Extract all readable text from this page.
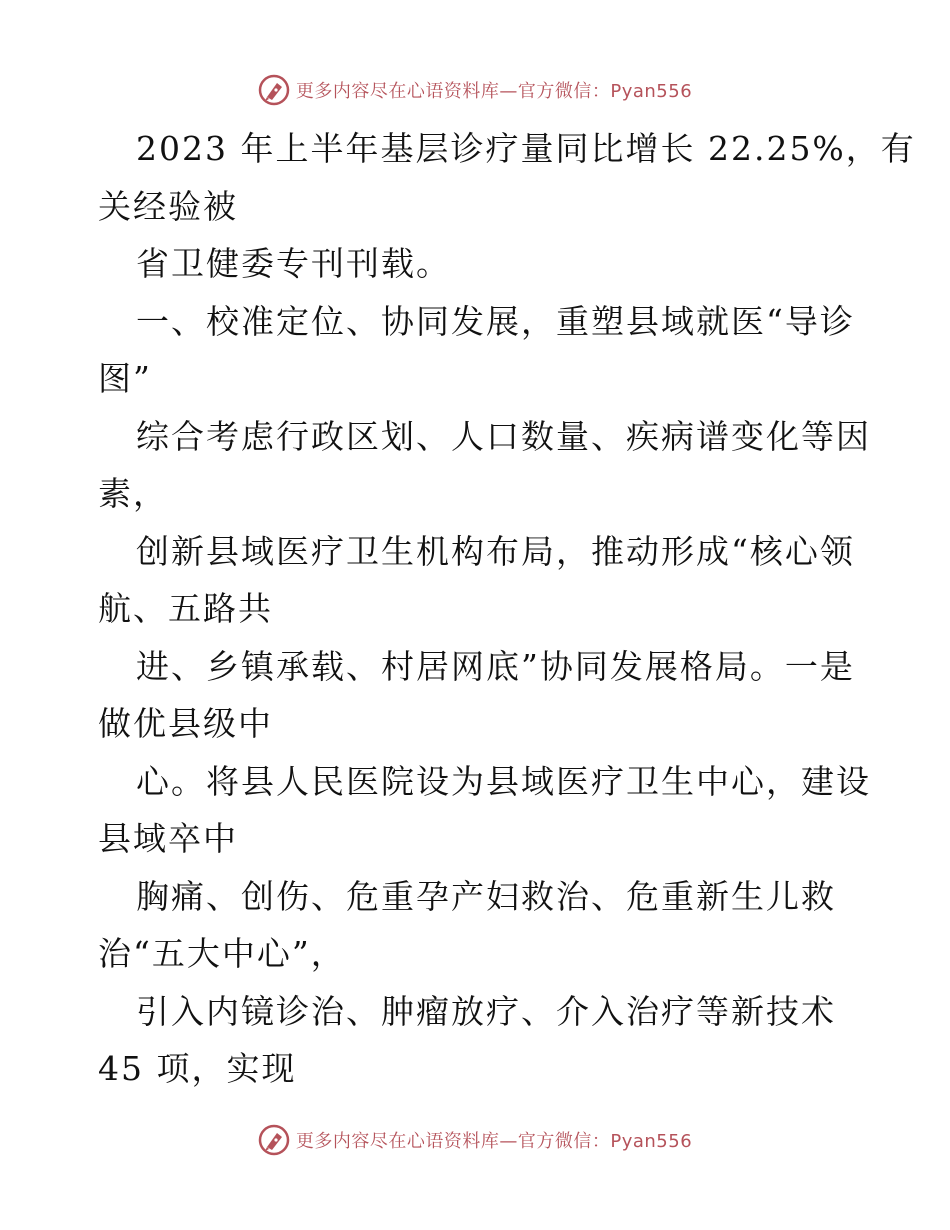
更多内容尽在心语资料库—官方微信：Pyan556
2023 年上半年基层诊疗量同比增长 22.25%，有
关经验被
省卫健委专刊刊载。
一、校准定位、协同发展，重塑县域就医“导诊
图”
综合考虑行政区划、人口数量、疾病谱变化等因
素，
创新县域医疗卫生机构布局，推动形成“核心领
航、五路共
进、乡镇承载、村居网底”协同发展格局。一是
做优县级中
心。将县人民医院设为县域医疗卫生中心，建设
县域卒中
胸痛、创伤、危重孕产妇救治、危重新生儿救
治“五大中心”，
引入内镜诊治、肿瘤放疗、介入治疗等新技术
45 项，实现
更多内容尽在心语资料库—官方微信：Pyan556
